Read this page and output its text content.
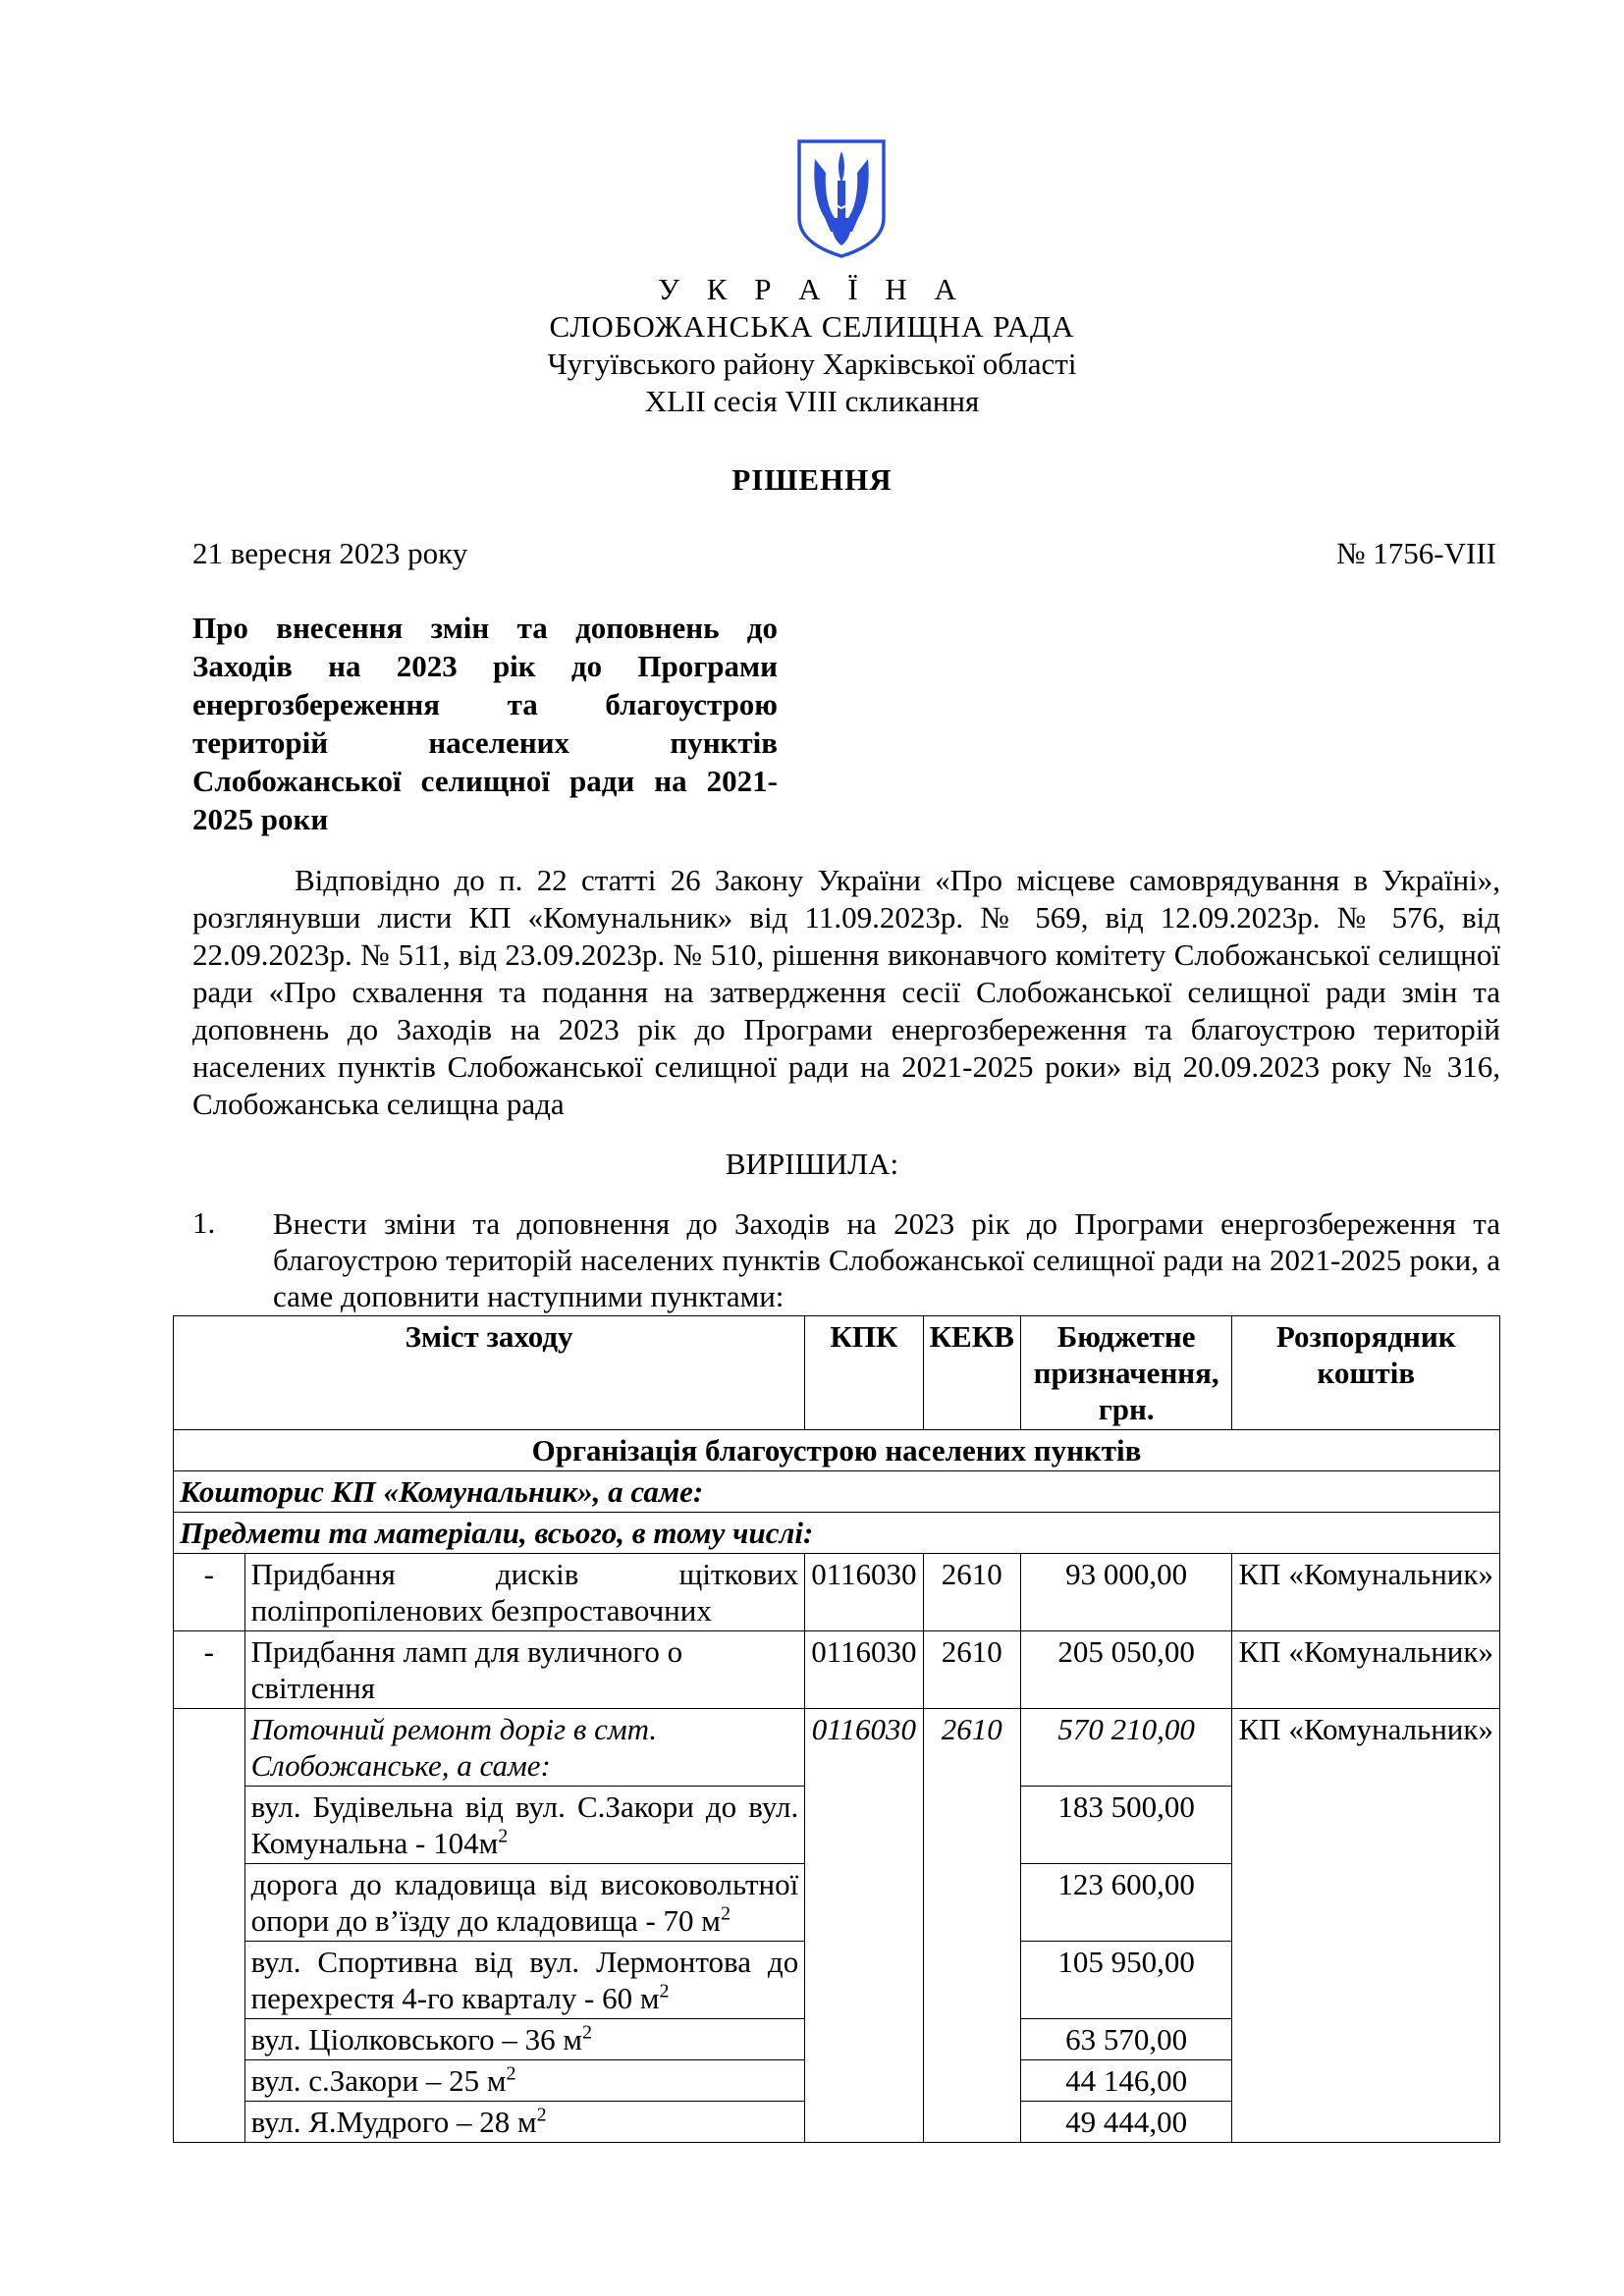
У К Р А Ї Н А
СЛОБОЖАНСЬКА СЕЛИЩНА РАДА
Чугуївського району Харківської області
XLII сесія VIII скликання
РІШЕННЯ
21 вересня 2023 року	№ 1756-VIII
Про внесення змін та доповнень до Заходів на 2023 рік до Програми енергозбереження та благоустрою територій населених пунктів Слобожанської селищної ради на 2021-2025 роки
Відповідно до п. 22 статті 26 Закону України «Про місцеве самоврядування в Україні», розглянувши листи КП «Комунальник» від 11.09.2023р. № 569, від 12.09.2023р. № 576, від 22.09.2023р. № 511, від 23.09.2023р. № 510, рішення виконавчого комітету Слобожанської селищної ради «Про схвалення та подання на затвердження сесії Слобожанської селищної ради змін та доповнень до Заходів на 2023 рік до Програми енергозбереження та благоустрою територій населених пунктів Слобожанської селищної ради на 2021-2025 роки» від 20.09.2023 року № 316, Слобожанська селищна рада
ВИРІШИЛА:
1. Внести зміни та доповнення до Заходів на 2023 рік до Програми енергозбереження та благоустрою територій населених пунктів Слобожанської селищної ради на 2021-2025 роки, а саме доповнити наступними пунктами:
Зміст заходу		КПК	КЕКВ	Бюджетне призначення, грн.	Розпорядник коштів
Організація благоустрою населених пунктів					
Кошторис КП «Комунальник», а саме:					
Предмети та матеріали, всього, в тому числі:					
-	Придбання дисків щіткових поліпропіленових безпроставочних	0116030	2610	93 000,00	КП «Комунальник»
-	Придбання ламп для вуличного о світлення	0116030	2610	205 050,00	КП «Комунальник»
	Поточний ремонт доріг в смт. Слобожанське, а саме:	0116030	2610	570 210,00	КП «Комунальник»
	вул. Будівельна від вул. С.Закори до вул. Комунальна - $104м^2$			183 500,00	
	дорога до кладовища від високовольтної опори до в’їзду до кладовища - 70 $м^2$			123 600,00	
	вул. Спортивна від вул. Лермонтова до перехрестя 4-го кварталу - 60 $м^2$			105 950,00	
	вул. Ціолковського – 36 $м^2$			63 570,00	
	вул. с.Закори – 25 $м^2$			44 146,00	
	вул. Я.Мудрого – 28 $м^2$			49 444,00	
